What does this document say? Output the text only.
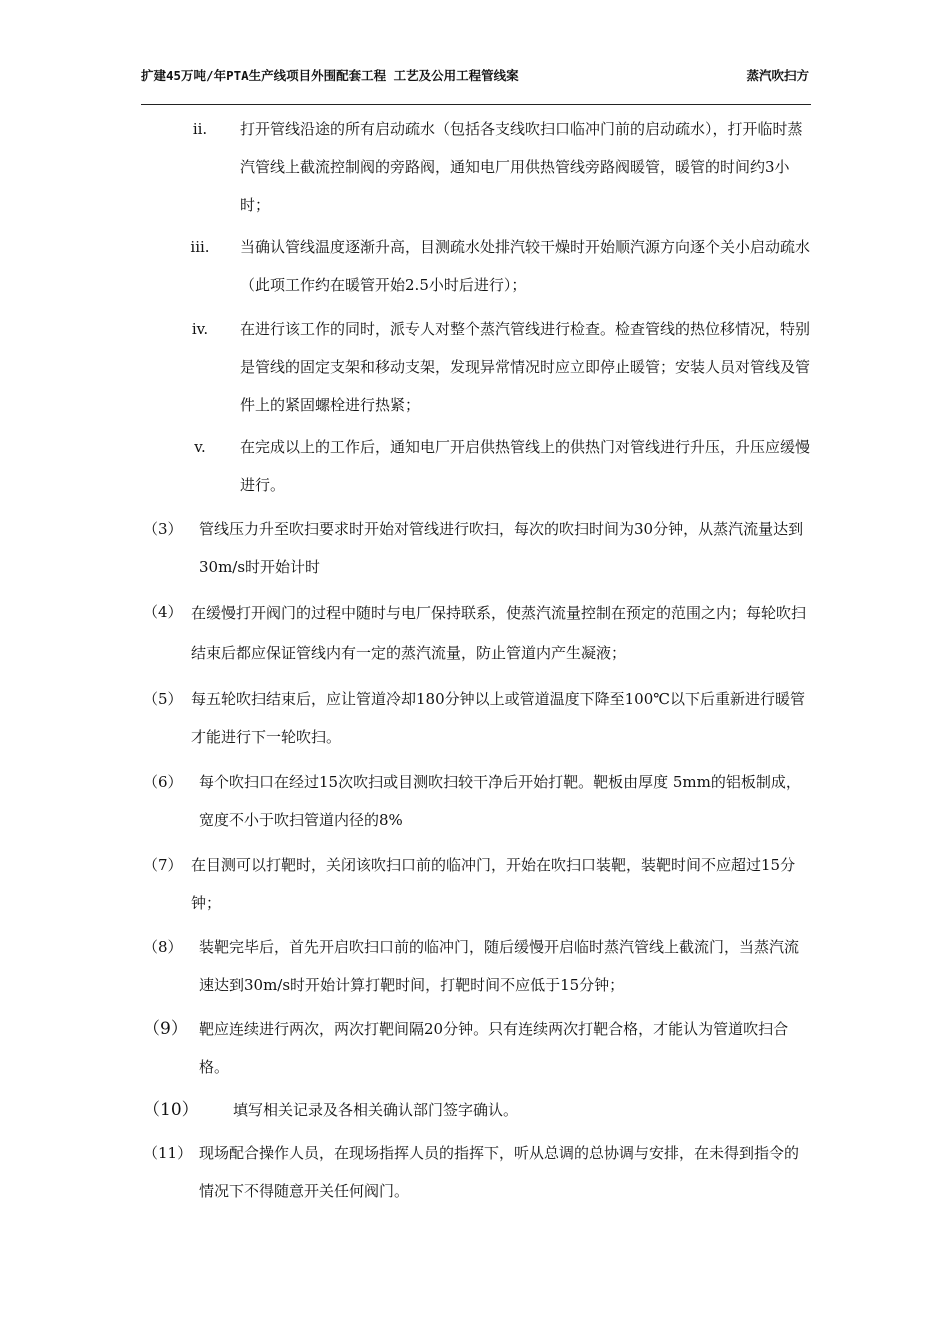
扩建45万吨/年PTA生产线项目外围配套工程 工艺及公用工程管线案	蒸汽吹扫方
ii.	打开管线沿途的所有启动疏水（包括各支线吹扫口临冲门前的启动疏水），打开临时蒸汽管线上截流控制阀的旁路阀，通知电厂用供热管线旁路阀暖管，暖管的时间约3小时；
iii.	当确认管线温度逐渐升高，目测疏水处排汽较干燥时开始顺汽源方向逐个关小启动疏水（此项工作约在暖管开始2.5小时后进行）；
iv.	在进行该工作的同时，派专人对整个蒸汽管线进行检查。检查管线的热位移情况，特别是管线的固定支架和移动支架，发现异常情况时应立即停止暖管；安装人员对管线及管件上的紧固螺栓进行热紧；
v.	在完成以上的工作后，通知电厂开启供热管线上的供热门对管线进行升压，升压应缓慢进行。
（3） 管线压力升至吹扫要求时开始对管线进行吹扫，每次的吹扫时间为30分钟，从蒸汽流量达到30m/s时开始计时
（4） 在缓慢打开阀门的过程中随时与电厂保持联系，使蒸汽流量控制在预定的范围之内；每轮吹扫结束后都应保证管线内有一定的蒸汽流量，防止管道内产生凝液；
（5） 每五轮吹扫结束后，应让管道冷却180分钟以上或管道温度下降至100℃以下后重新进行暖管才能进行下一轮吹扫。
（6） 每个吹扫口在经过15次吹扫或目测吹扫较干净后开始打靶。靶板由厚度 5mm的铝板制成，宽度不小于吹扫管道内径的8%
（7） 在目测可以打靶时，关闭该吹扫口前的临冲门，开始在吹扫口装靶，装靶时间不应超过15分钟；
（8） 装靶完毕后，首先开启吹扫口前的临冲门，随后缓慢开启临时蒸汽管线上截流门，当蒸汽流速达到30m/s时开始计算打靶时间，打靶时间不应低于15分钟；
（9） 靶应连续进行两次，两次打靶间隔20分钟。只有连续两次打靶合格，才能认为管道吹扫合格。
（10） 填写相关记录及各相关确认部门签字确认。
（11） 现场配合操作人员，在现场指挥人员的指挥下，听从总调的总协调与安排，在未得到指令的情况下不得随意开关任何阀门。
